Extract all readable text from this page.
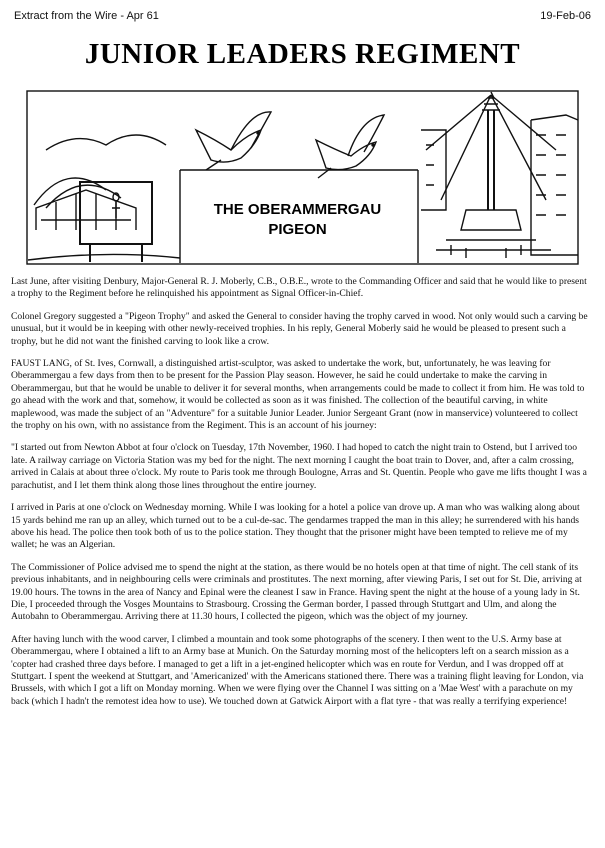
Extract from the Wire - Apr 61	19-Feb-06
JUNIOR LEADERS REGIMENT
THE OBERAMMERGAU
PIGEON

Last June, after visiting Denbury, Major-General R. J. Moberly, C.B., O.B.E., wrote to the Commanding Officer and said that he would like to present a trophy to the Regiment before he relinquished his appointment as Signal Officer-in-Chief.

Colonel Gregory suggested a "Pigeon Trophy" and asked the General to consider having the trophy carved in wood. Not only would such a carving be unusual, but it would be in keeping with other newly-received trophies. In his reply, General Moberly said he would be pleased to present such a trophy, but he did not want the finished carving to look like a crow.

FAUST LANG, of St. Ives, Cornwall, a distinguished artist-sculptor, was asked to undertake the work, but, unfortunately, he was leaving for Oberammergau a few days from then to be present for the Passion Play season. However, he said he could undertake to make the carving in Oberammergau, but that he would be unable to deliver it for several months, when arrangements could be made to collect it from him. He was told to go ahead with the work and that, somehow, it would be collected as soon as it was finished. The collection of the beautiful carving, in white maplewood, was made the subject of an "Adventure" for a suitable Junior Leader. Junior Sergeant Grant (now in manservice) volunteered to collect the trophy on his own, with no assistance from the Regiment. This is an account of his journey:

"I started out from Newton Abbot at four o'clock on Tuesday, 17th November, 1960. I had hoped to catch the night train to Ostend, but I arrived too late. A railway carriage on Victoria Station was my bed for the night. The next morning I caught the boat train to Dover, and, after a calm crossing, arrived in Calais at about three o'clock. My route to Paris took me through Boulogne, Arras and St. Quentin. People who gave me lifts thought I was a parachutist, and I let them think along those lines throughout the entire journey.

I arrived in Paris at one o'clock on Wednesday morning. While I was looking for a hotel a police van drove up. A man who was walking along about 15 yards behind me ran up an alley, which turned out to be a cul-de-sac. The gendarmes trapped the man in this alley; he surrendered with his hands above his head. The police then took both of us to the police station. They thought that the prisoner might have been tempted to relieve me of my wallet; he was an Algerian.

The Commissioner of Police advised me to spend the night at the station, as there would be no hotels open at that time of night. The cell stank of its previous inhabitants, and in neighbouring cells were criminals and prostitutes. The next morning, after viewing Paris, I set out for St. Die, arriving at 19.00 hours. The towns in the area of Nancy and Epinal were the cleanest I saw in France. Having spent the night at the house of a young lady in St. Die, I proceeded through the Vosges Mountains to Strasbourg. Crossing the German border, I passed through Stuttgart and Ulm, and along the Autobahn to Oberammergau. Arriving there at 11.30 hours, I collected the pigeon, which was the object of my journey.

After having lunch with the wood carver, I climbed a mountain and took some photographs of the scenery. I then went to the U.S. Army base at Oberammergau, where I obtained a lift to an Army base at Munich. On the Saturday morning most of the helicopters left on a search mission as a 'copter had crashed three days before. I managed to get a lift in a jet-engined helicopter which was en route for Verdun, and I was dropped off at Stuttgart. I spent the weekend at Stuttgart, and 'Americanized' with the Americans stationed there. There was a training flight leaving for London, via Brussels, with which I got a lift on Monday morning. When we were flying over the Channel I was sitting on a 'Mae West' with a parachute on my back (which I hadn't the remotest idea how to use). We touched down at Gatwick Airport with a flat tyre - that was really a terrifying experience!
